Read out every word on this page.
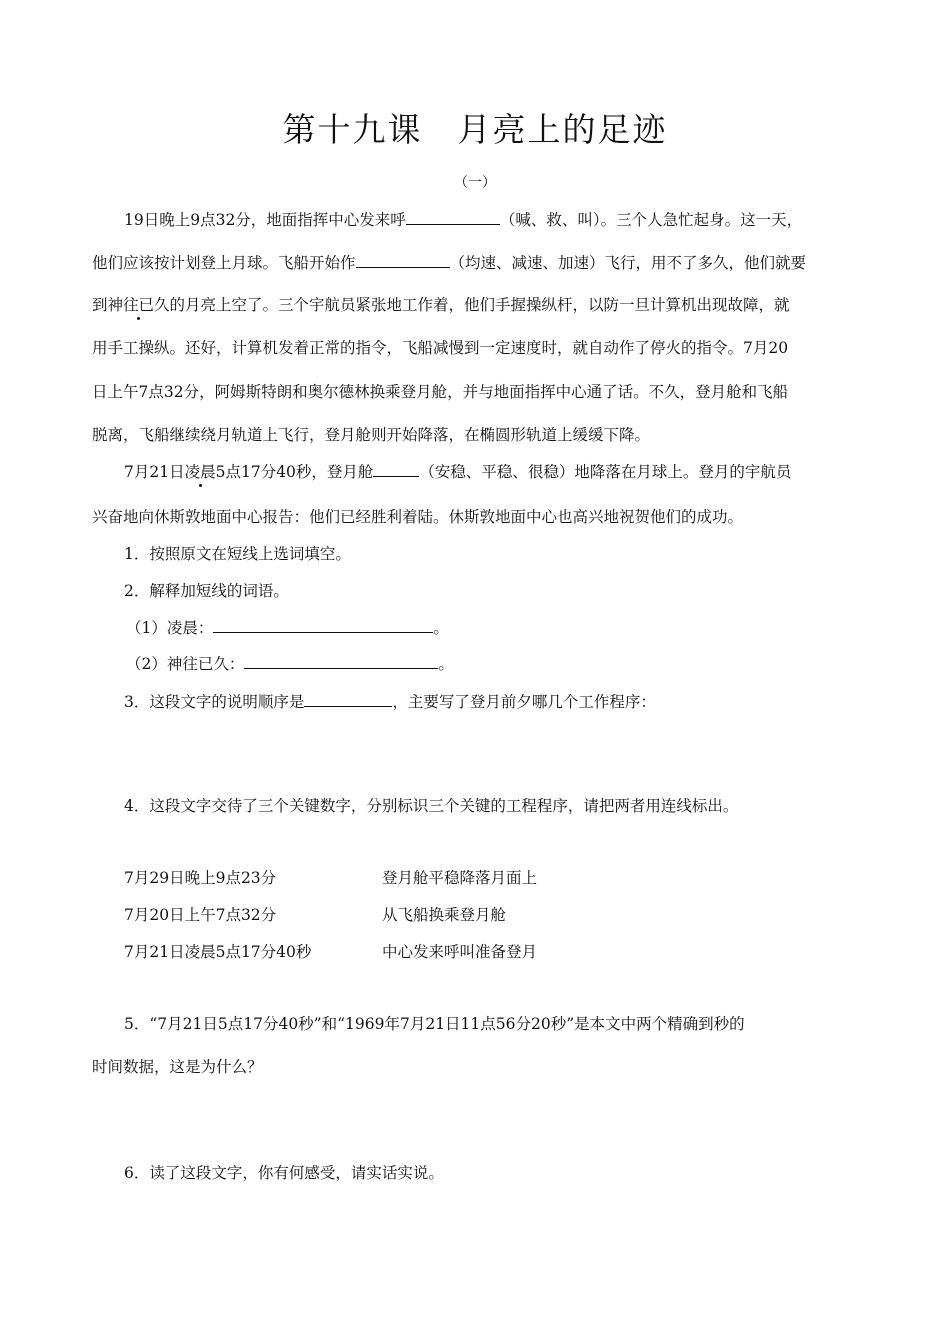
第十九课　月亮上的足迹
（一）
19日晚上9点32分，地面指挥中心发来呼	（喊、救、叫）。三个人急忙起身。这一天，
他们应该按计划登上月球。飞船开始作	（均速、减速、加速）飞行，用不了多久，他们就要
到神往已久的月亮上空了。三个宇航员紧张地工作着，他们手握操纵杆，以防一旦计算机出现故障，就
用手工操纵。还好，计算机发着正常的指令，飞船减慢到一定速度时，就自动作了停火的指令。7月20
日上午7点32分，阿姆斯特朗和奥尔德林换乘登月舱，并与地面指挥中心通了话。不久，登月舱和飞船
脱离，飞船继续绕月轨道上飞行，登月舱则开始降落，在椭圆形轨道上缓缓下降。
7月21日凌晨5点17分40秒，登月舱	（安稳、平稳、很稳）地降落在月球上。登月的宇航员
兴奋地向休斯敦地面中心报告：他们已经胜利着陆。休斯敦地面中心也高兴地祝贺他们的成功。
1．按照原文在短线上选词填空。
2．解释加短线的词语。
（1）凌晨：	。
（2）神往已久：	。
3．这段文字的说明顺序是	，主要写了登月前夕哪几个工作程序：
4．这段文字交待了三个关键数字，分别标识三个关键的工程程序，请把两者用连线标出。
7月29日晚上9点23分	登月舱平稳降落月面上
7月20日上午7点32分	从飞船换乘登月舱
7月21日凌晨5点17分40秒	中心发来呼叫准备登月
5．“7月21日5点17分40秒”和“1969年7月21日11点56分20秒”是本文中两个精确到秒的
时间数据，这是为什么？
6．读了这段文字，你有何感受，请实话实说。
